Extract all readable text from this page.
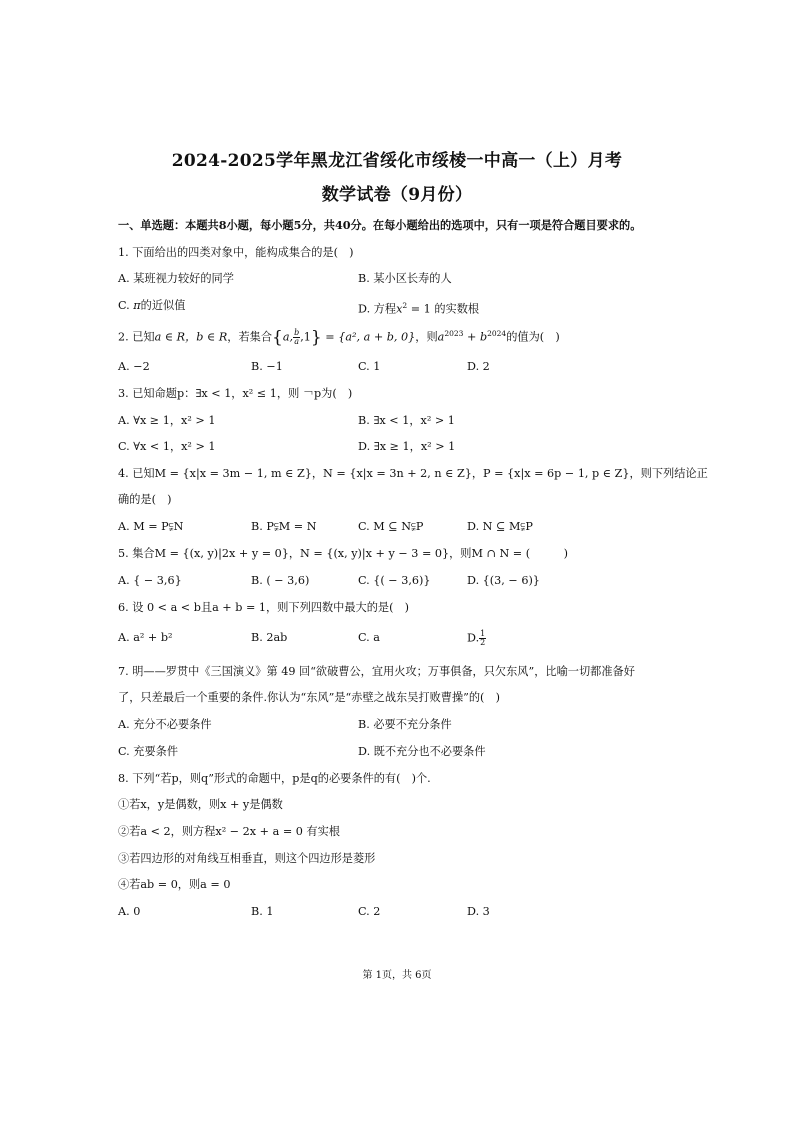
2024-2025学年黑龙江省绥化市绥棱一中高一（上）月考
数学试卷（9月份）
一、单选题：本题共8小题，每小题5分，共40分。在每小题给出的选项中，只有一项是符合题目要求的。
1. 下面给出的四类对象中，能构成集合的是(　)
A. 某班视力较好的同学	B. 某小区长寿的人
C. π的近似值	D. 方程$x^2 = 1$ 的实数根
2. 已知a ∈ R，b ∈ R，若集合{a, $\frac{b}{a} ,1\} = \{a^2$, a + b, 0}，则$a^{2023} + b^{2024}$的值为(　)
A. −2	B. −1	C. 1	D. 2
3. 已知命题p：∃x < 1，x² ≤ 1，则 ￢p为(　)
A. ∀x ≥ 1，x² > 1	B. ∃x < 1，x² > 1
C. ∀x < 1，x² > 1	D. ∃x ≥ 1，x² > 1
4. 已知M = {x|x = 3m − 1, m ∈ Z}，N = {x|x = 3n + 2, n ∈ Z}，P = {x|x = 6p − 1, p ∈ Z}，则下列结论正
确的是(　)
A. M = P⫋N	B. P⫋M = N	C. M ⊆ N⫋P	D. N ⊆ M⫋P
5. 集合M = {(x, y)|2x + y = 0}，N = {(x, y)|x + y − 3 = 0}，则M ∩ N = (　　　)
A. { − 3,6}	B. ( − 3,6)	C. {( − 3,6)}	D. {(3, − 6)}
6. 设 0 < a < b且a + b = 1，则下列四数中最大的是(　)
A. a² + b²	B. 2ab	C. a	D. $\frac{1}{2}$
7. 明——罗贯中《三国演义》第 49 回“欲破曹公，宜用火攻；万事俱备，只欠东风”，比喻一切都准备好
了，只差最后一个重要的条件.你认为“东风”是“赤壁之战东吴打败曹操”的(　)
A. 充分不必要条件	B. 必要不充分条件
C. 充要条件	D. 既不充分也不必要条件
8. 下列“若p，则q”形式的命题中，p是q的必要条件的有(　)个.
①若x，y是偶数，则x + y是偶数
②若a < 2，则方程x² − 2x + a = 0 有实根
③若四边形的对角线互相垂直，则这个四边形是菱形
④若ab = 0，则a = 0
A. 0	B. 1	C. 2	D. 3
第 1页，共 6页
